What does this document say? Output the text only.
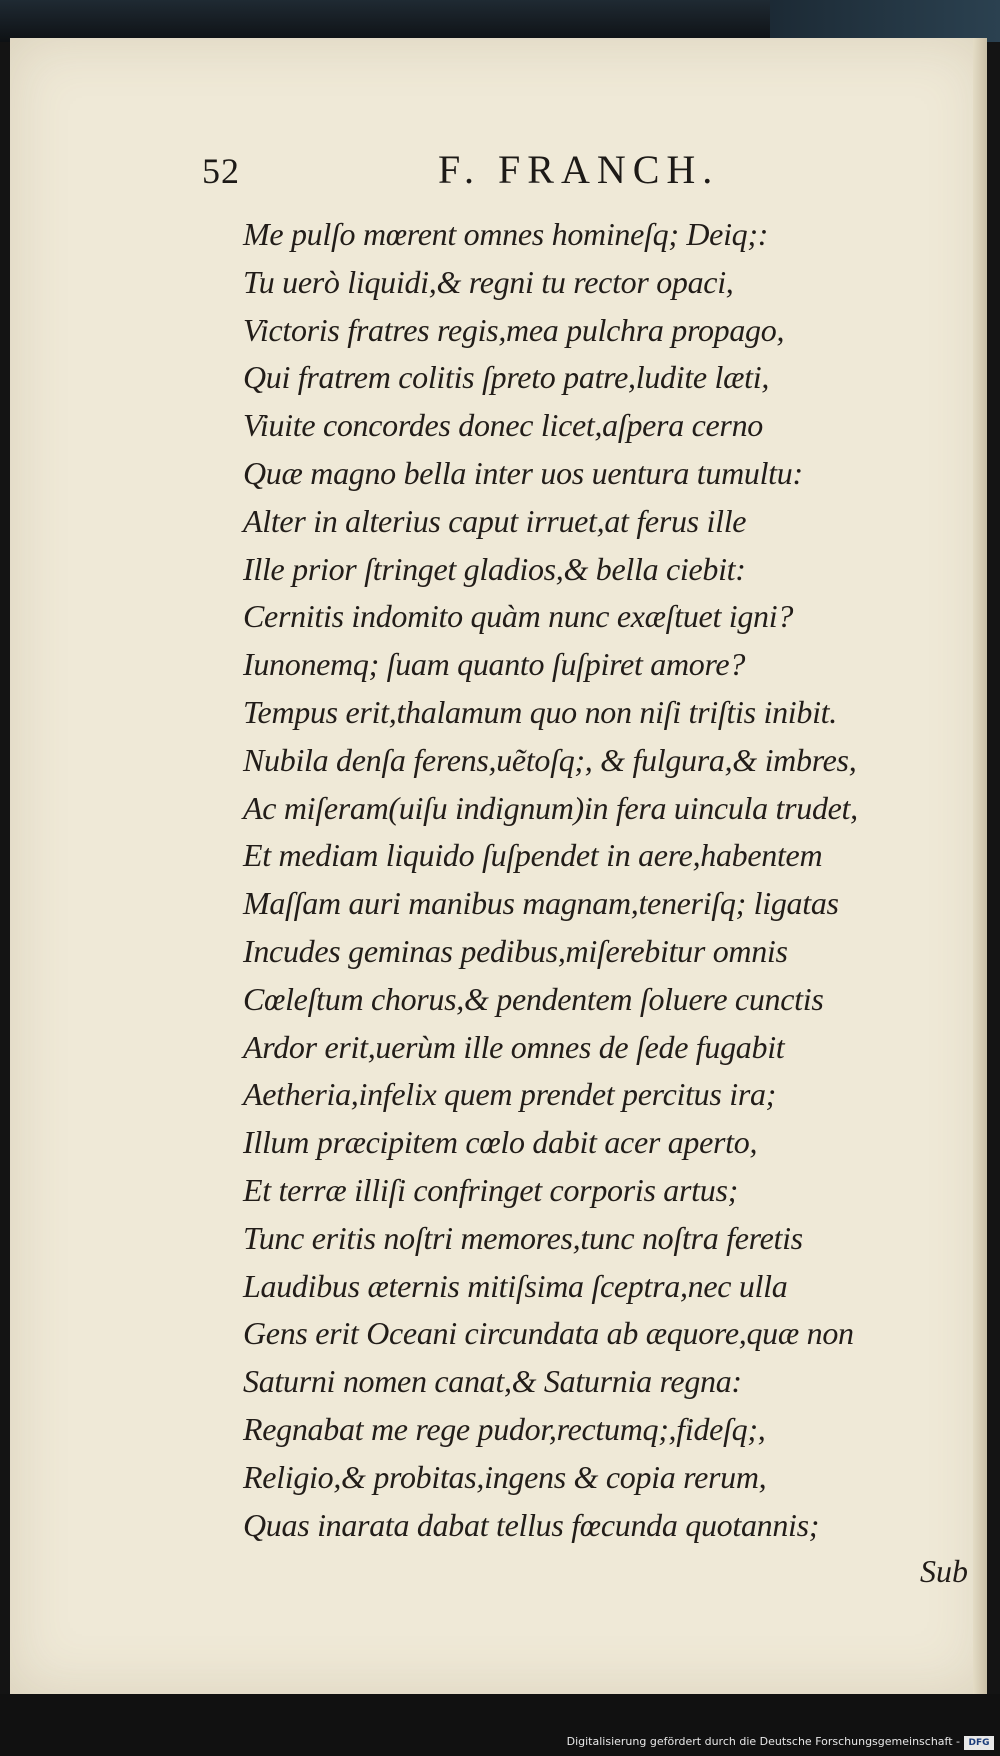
52	F. FRANCH.
Me pulſo mœrent omnes homineſq; Deiq;:
Tu uerò liquidi,& regni tu rector opaci,
Victoris fratres regis,mea pulchra propago,
Qui fratrem colitis ſpreto patre,ludite læti,
Viuite concordes donec licet,aſpera cerno
Quæ magno bella inter uos uentura tumultu:
Alter in alterius caput irruet,at ferus ille
Ille prior ſtringet gladios,& bella ciebit:
Cernitis indomito quàm nunc exæſtuet igni?
Iunonemq; ſuam quanto ſuſpiret amore?
Tempus erit,thalamum quo non niſi triſtis inibit.
Nubila denſa ferens,uẽtoſq;, & fulgura,& imbres,
Ac miſeram(uiſu indignum)in fera uincula trudet,
Et mediam liquido ſuſpendet in aere,habentem
Maſſam auri manibus magnam,teneriſq; ligatas
Incudes geminas pedibus,miſerebitur omnis
Cœleſtum chorus,& pendentem ſoluere cunctis
Ardor erit,uerùm ille omnes de ſede fugabit
Aetheria,infelix quem prendet percitus ira;
Illum præcipitem cœlo dabit acer aperto,
Et terræ illiſi confringet corporis artus;
Tunc eritis noſtri memores,tunc noſtra feretis
Laudibus æternis mitiſsima ſceptra,nec ulla
Gens erit Oceani circundata ab æquore,quæ non
Saturni nomen canat,& Saturnia regna:
Regnabat me rege pudor,rectumq;,fideſq;,
Religio,& probitas,ingens & copia rerum,
Quas inarata dabat tellus fœcunda quotannis;
Sub
Digitalisierung gefördert durch die Deutsche Forschungsgemeinschaft - DFG
